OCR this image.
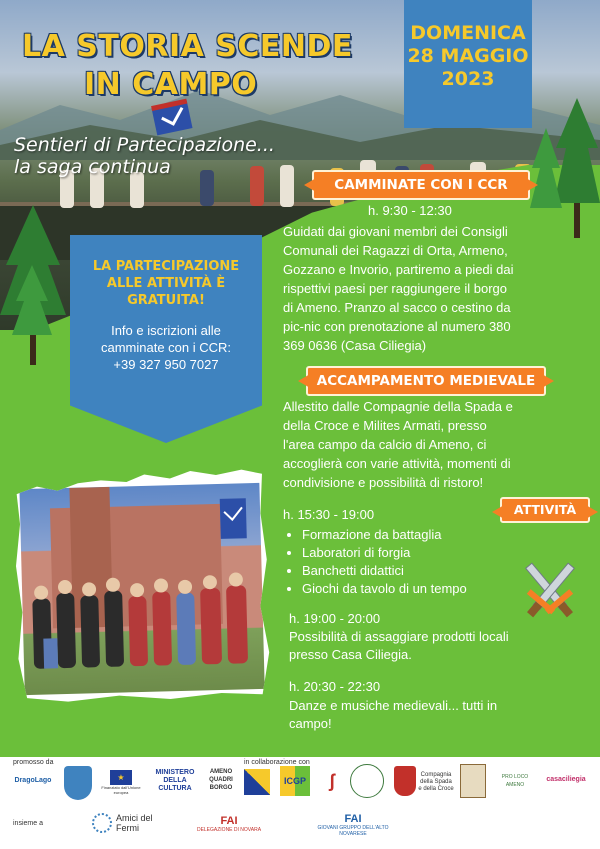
LA STORIA SCENDE
IN CAMPO
DOMENICA
28 MAGGIO
2023
Sentieri di Partecipazione...
la saga continua
LA PARTECIPAZIONE
ALLE ATTIVITÀ È
GRATUITA!
Info e iscrizioni alle
camminate con i CCR:
+39 327 950 7027
CAMMINATE CON I CCR
h. 9:30 - 12:30
Guidati dai giovani membri dei Consigli
Comunali dei Ragazzi di Orta, Armeno,
Gozzano e Invorio, partiremo a piedi dai
rispettivi paesi per raggiungere il borgo
di Ameno. Pranzo al sacco o cestino da
pic-nic con prenotazione al numero 380
369 0636 (Casa Ciliegia)
ACCAMPAMENTO MEDIEVALE
Allestito dalle Compagnie della Spada e
della Croce e Milites Armati, presso
l'area campo da calcio di Ameno, ci
accoglierà con varie attività, momenti di
condivisione e possibilità di ristoro!
ATTIVITÀ
h. 15:30 - 19:00
• Formazione da battaglia
• Laboratori di forgia
• Banchetti didattici
• Giochi da tavolo di un tempo
h. 19:00 - 20:00
Possibilità di assaggiare prodotti locali
presso Casa Ciliegia.
h. 20:30 - 22:30
Danze e musiche medievali... tutti in
campo!
promosso da	in collaborazione con
insieme a
DragoLago	★
Finanziato dall'Unione europea
MINISTERO DELLA CULTURA
AMENO QUADRI BORGO
ICGP	ʃ	Compagnia della Spada e della Croce
PRO LOCO AMENO
casaciliegia
Amici del Fermi
FAI
DELEGAZIONE DI NOVARA
FAI
GIOVANI GRUPPO DELL'ALTO NOVARESE
